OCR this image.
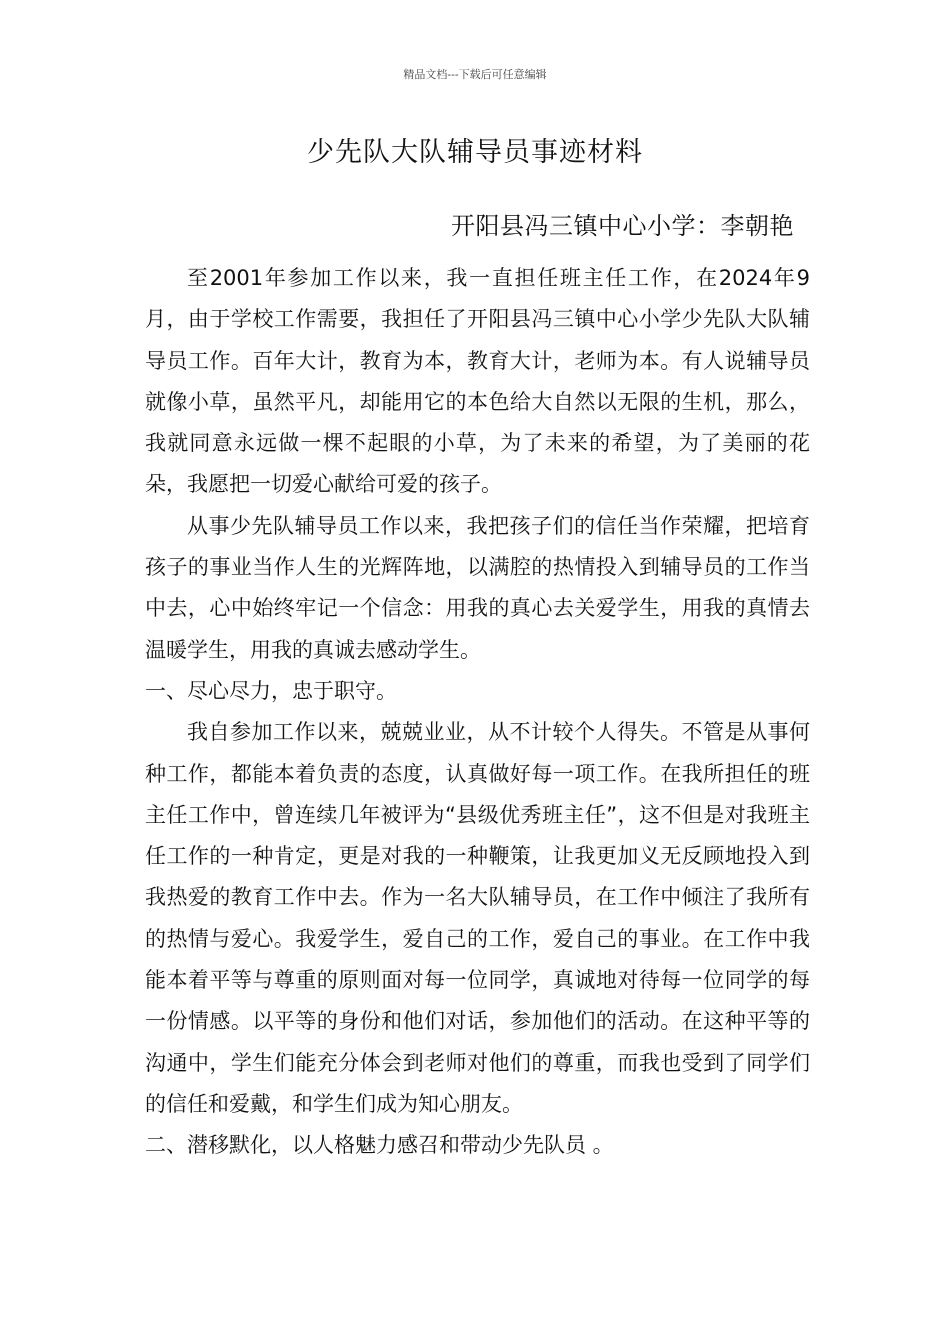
精品文档---下载后可任意编辑
少先队大队辅导员事迹材料
开阳县冯三镇中心小学：李朝艳

至2001年参加工作以来，我一直担任班主任工作，在2024年9月，由于学校工作需要，我担任了开阳县冯三镇中心小学少先队大队辅导员工作。百年大计，教育为本，教育大计，老师为本。有人说辅导员就像小草，虽然平凡，却能用它的本色给大自然以无限的生机，那么，我就同意永远做一棵不起眼的小草，为了未来的希望，为了美丽的花朵，我愿把一切爱心献给可爱的孩子。

从事少先队辅导员工作以来，我把孩子们的信任当作荣耀，把培育孩子的事业当作人生的光辉阵地，以满腔的热情投入到辅导员的工作当中去，心中始终牢记一个信念：用我的真心去关爱学生，用我的真情去温暖学生，用我的真诚去感动学生。

一、尽心尽力，忠于职守。

我自参加工作以来，兢兢业业，从不计较个人得失。不管是从事何种工作，都能本着负责的态度，认真做好每一项工作。在我所担任的班主任工作中，曾连续几年被评为“县级优秀班主任”，这不但是对我班主任工作的一种肯定，更是对我的一种鞭策，让我更加义无反顾地投入到我热爱的教育工作中去。作为一名大队辅导员，在工作中倾注了我所有的热情与爱心。我爱学生，爱自己的工作，爱自己的事业。在工作中我能本着平等与尊重的原则面对每一位同学，真诚地对待每一位同学的每一份情感。以平等的身份和他们对话，参加他们的活动。在这种平等的沟通中，学生们能充分体会到老师对他们的尊重，而我也受到了同学们的信任和爱戴，和学生们成为知心朋友。

二、潜移默化，以人格魅力感召和带动少先队员 。
